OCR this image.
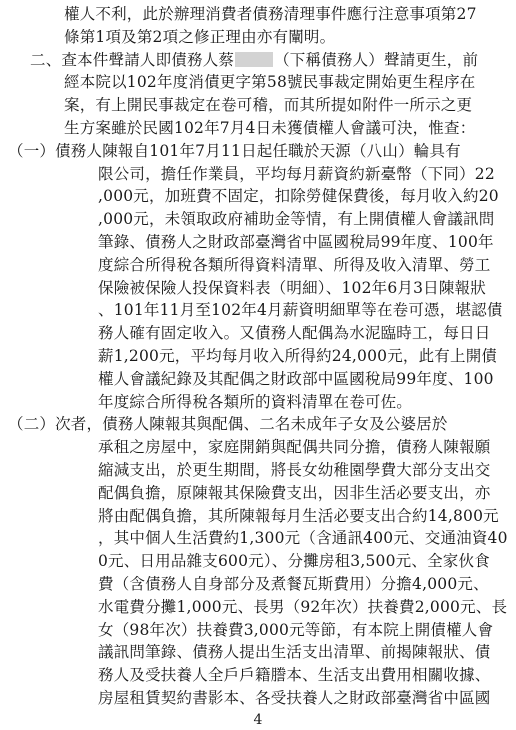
權人不利，此於辦理消費者債務清理事件應行注意事項第27
條第1項及第2項之修正理由亦有闡明。
二、查本件聲請人即債務人蔡	（下稱債務人）聲請更生，前
經本院以102年度消債更字第58號民事裁定開始更生程序在
案，有上開民事裁定在卷可稽，而其所提如附件一所示之更
生方案雖於民國102年7月4日未獲債權人會議可決，惟查：
（一）債務人陳報自101年7月11日起任職於天源（八山）輪具有
限公司，擔任作業員，平均每月薪資約新臺幣（下同）22
,000元，加班費不固定，扣除勞健保費後，每月收入約20
,000元，未領取政府補助金等情，有上開債權人會議訊問
筆錄、債務人之財政部臺灣省中區國稅局99年度、100年
度綜合所得稅各類所得資料清單、所得及收入清單、勞工
保險被保險人投保資料表（明細）、102年6月3日陳報狀
、101年11月至102年4月薪資明細單等在卷可憑，堪認債
務人確有固定收入。又債務人配偶為水泥臨時工，每日日
薪1,200元，平均每月收入所得約24,000元，此有上開債
權人會議紀錄及其配偶之財政部中區國稅局99年度、100
年度綜合所得稅各類所的資料清單在卷可佐。
（二）次者，債務人陳報其與配偶、二名未成年子女及公婆居於
承租之房屋中，家庭開銷與配偶共同分擔，債務人陳報願
縮減支出，於更生期間，將長女幼稚園學費大部分支出交
配偶負擔，原陳報其保險費支出，因非生活必要支出，亦
將由配偶負擔，其所陳報每月生活必要支出合約14,800元
，其中個人生活費約1,300元（含通訊400元、交通油資40
0元、日用品雜支600元）、分攤房租3,500元、全家伙食
費（含債務人自身部分及煮餐瓦斯費用）分擔4,000元、
水電費分攤1,000元、長男（92年次）扶養費2,000元、長
女（98年次）扶養費3,000元等節，有本院上開債權人會
議訊問筆錄、債務人提出生活支出清單、前揭陳報狀、債
務人及受扶養人全戶戶籍謄本、生活支出費用相關收據、
房屋租賃契約書影本、各受扶養人之財政部臺灣省中區國
4
